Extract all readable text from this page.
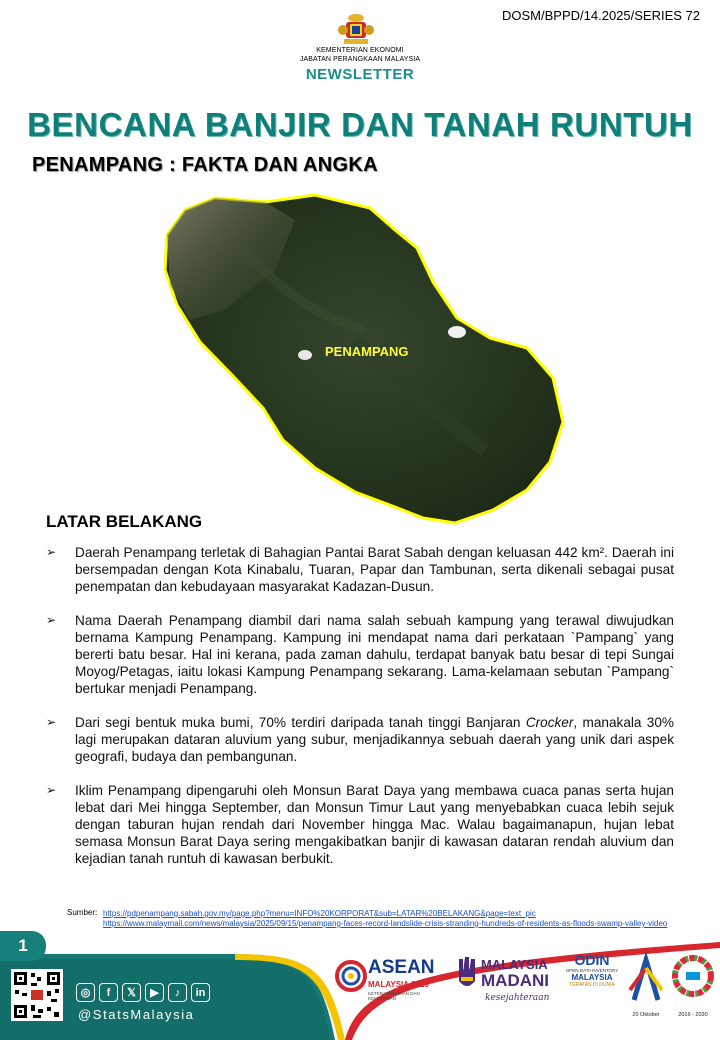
DOSM/BPPD/14.2025/SERIES 72
KEMENTERIAN EKONOMI
JABATAN PERANGKAAN MALAYSIA
NEWSLETTER
BENCANA BANJIR DAN TANAH RUNTUH
PENAMPANG : FAKTA DAN ANGKA
PENAMPANG
LATAR BELAKANG
➢ Daerah Penampang terletak di Bahagian Pantai Barat Sabah dengan keluasan 442 km². Daerah ini bersempadan dengan Kota Kinabalu, Tuaran, Papar dan Tambunan, serta dikenali sebagai pusat penempatan dan kebudayaan masyarakat Kadazan-Dusun.
➢ Nama Daerah Penampang diambil dari nama salah sebuah kampung yang terawal diwujudkan bernama Kampung Penampang. Kampung ini mendapat nama dari perkataan `Pampang` yang bererti batu besar. Hal ini kerana, pada zaman dahulu, terdapat banyak batu besar di tepi Sungai Moyog/Petagas, iaitu lokasi Kampung Penampang sekarang. Lama-kelamaan sebutan `Pampang` bertukar menjadi Penampang.
➢ Dari segi bentuk muka bumi, 70% terdiri daripada tanah tinggi Banjaran Crocker, manakala 30% lagi merupakan dataran aluvium yang subur, menjadikannya sebuah daerah yang unik dari aspek geografi, budaya dan pembangunan.
➢ Iklim Penampang dipengaruhi oleh Monsun Barat Daya yang membawa cuaca panas serta hujan lebat dari Mei hingga September, dan Monsun Timur Laut yang menyebabkan cuaca lebih sejuk dengan taburan hujan rendah dari November hingga Mac. Walau bagaimanapun, hujan lebat semasa Monsun Barat Daya sering mengakibatkan banjir di kawasan dataran rendah aluvium dan kejadian tanah runtuh di kawasan berbukit.
Sumber: https://pdpenampang.sabah.gov.my/page.php?menu=INFO%20KORPORAT&sub=LATAR%20BELAKANG&page=text_pic
https://www.malaymail.com/news/malaysia/2025/09/15/penampang-faces-record-landslide-crisis-stranding-hundreds-of-residents-as-floods-swamp-valley-video
1
◎	f	𝕏	▶	♪	in
@StatsMalaysia
ASEAN
MALAYSIA 2025
KETERANGKUMAN DAN KEMAPANAN
MALAYSIA
MADANI
kesejahteraan
ODIN
OPEN DATA INVENTORY
MALAYSIA
TERATAS DI DUNIA
20 Oktober	2016 - 2030
